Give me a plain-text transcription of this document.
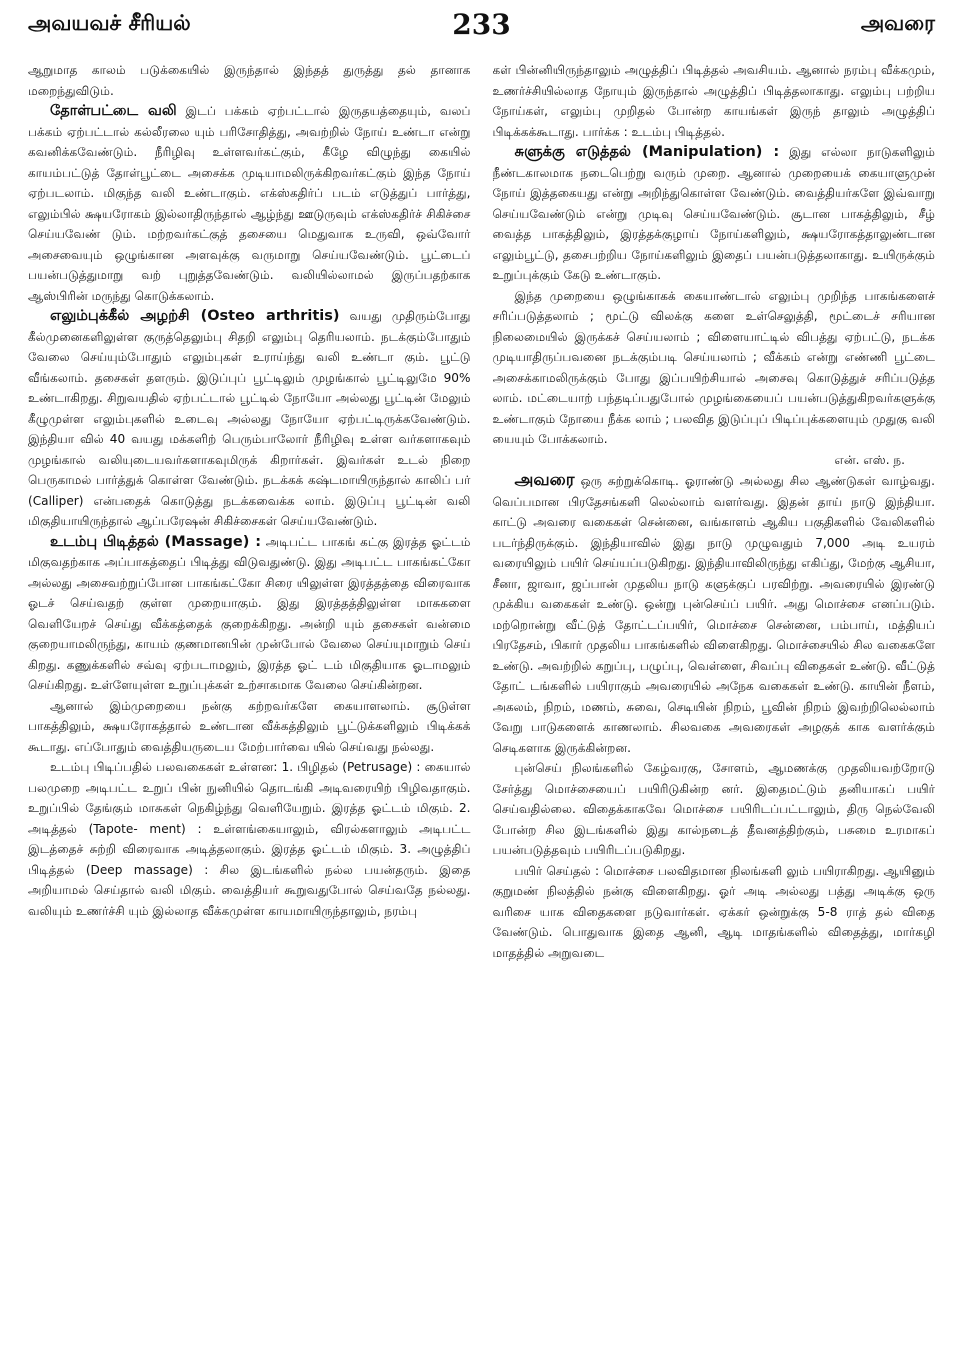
அவயவச் சீரியல்	233	அவரை

ஆறுமாத காலம் படுக்கையில் இருந்தால் இந்தத் துருத்து தல் தானாக மறைந்துவிடும்.

தோள்பட்டை வலி இடப் பக்கம் ஏற்பட்டால் இருதயத்தையும், வலப் பக்கம் ஏற்பட்டால் கல்லீரலை யும் பரிசோதித்து, அவற்றில் நோய் உண்டா என்று கவனிக்கவேண்டும். நீரிழிவு உள்ளவர்கட்கும், கீழே விழுந்து கையில் காயம்பட்டுத் தோள்பூட்டை அசைக்க முடியாமலிருக்கிறவர்கட்கும் இந்த நோய் ஏற்படலாம். மிகுந்த வலி உண்டாகும். எக்ஸ்கதிர்ப் படம் எடுத்துப் பார்த்து, எலும்பில் க்ஷயரோகம் இல்லாதிருந்தால் ஆழ்ந்து ஊடுருவும் எக்ஸ்கதிர்ச் சிகிச்சை செய்யவேண் டும். மற்றவர்கட்குத் தசையை மெதுவாக உருவி, ஒவ்வோர் அசைவையும் ஒழுங்கான அளவுக்கு வருமாறு செய்யவேண்டும். பூட்டைப் பயன்படுத்துமாறு வற் புறுத்தவேண்டும். வலியில்லாமல் இருப்பதற்காக ஆஸ்பிரின் மருந்து கொடுக்கலாம்.

எலும்புக்கீல் அழற்சி (Osteo arthritis) வயது முதிரும்போது கீல்முனைகளிலுள்ள குருத்தெலும்பு சிதறி எலும்பு தெரியலாம். நடக்கும்போதும் வேலை செய்யும்போதும் எலும்புகள் உராய்ந்து வலி உண்டா கும். பூட்டு வீங்கலாம். தசைகள் தளரும். இடுப்புப் பூட்டிலும் முழங்கால் பூட்டிலுமே 90% உண்டாகிறது. சிறுவயதில் ஏற்பட்டால் பூட்டில் நோயோ அல்லது பூட்டின் மேலும் கீழுமுள்ள எலும்புகளில் உடைவு அல்லது நோயோ ஏற்பட்டிருக்கவேண்டும். இந்தியா வில் 40 வயது மக்களிற் பெரும்பாலோர் நீரிழிவு உள்ள வர்களாகவும் முழங்கால் வலியுடையவர்களாகவுமிருக் கிறார்கள். இவர்கள் உடல் நிறை பெருகாமல் பார்த்துக் கொள்ள வேண்டும். நடக்கக் கஷ்டமாயிருந்தால் காலிப் பர் (Calliper) என்பதைக் கொடுத்து நடக்கவைக்க லாம். இடுப்பு பூட்டின் வலி மிகுதியாயிருந்தால் ஆப்பரேஷன் சிகிச்சைகள் செய்யவேண்டும்.

உடம்பு பிடித்தல் (Massage) : அடிபட்ட பாகங் கட்கு இரத்த ஓட்டம் மிகுவதற்காக அப்பாகத்தைப் பிடித்து விடுவதுண்டு. இது அடிபட்ட பாகங்கட்கோ அல்லது அசைவற்றுப்போன பாகங்கட்கோ சிரை யிலுள்ள இரத்தத்தை விரைவாக ஓடச் செய்வதற் குள்ள முறையாகும். இது இரத்தத்திலுள்ள மாசுகளை வெளியேறச் செய்து வீக்கத்தைக் குறைக்கிறது. அன்றி யும் தசைகள் வன்மை குறையாமலிருந்து, காயம் குணமானபின் முன்போல் வேலை செய்யுமாறும் செய் கிறது. கணுக்களில் சவ்வு ஏற்படாமலும், இரத்த ஓட் டம் மிகுதியாக ஓடாமலும் செய்கிறது. உள்ளேயுள்ள உறுப்புக்கள் உற்சாகமாக வேலை செய்கின்றன.

ஆனால் இம்முறையை நன்கு கற்றவர்களே கையாளலாம். சூடுள்ள பாகத்திலும், க்ஷயரோகத்தால் உண்டான வீக்கத்திலும் பூட்டுக்களிலும் பிடிக்கக் கூடாது. எப்போதும் வைத்தியருடைய மேற்பார்வை யில் செய்வது நல்லது.

உடம்பு பிடிப்பதில் பலவகைகள் உள்ளன: 1. பிழிதல் (Petrusage) : கையால் பலமுறை அடிபட்ட உறுப் பின் நுனியில் தொடங்கி அடிவரையிற் பிழிவதாகும். உறுப்பில் தேங்கும் மாசுகள் நெகிழ்ந்து வெளியேறும். இரத்த ஓட்டம் மிகும். 2. அடித்தல் (Tapote- ment) : உள்ளங்கையாலும், விரல்களாலும் அடிபட்ட இடத்தைச் சுற்றி விரைவாக அடித்தலாகும். இரத்த ஓட்டம் மிகும். 3. அழுத்திப் பிடித்தல் (Deep massage) : சில இடங்களில் நல்ல பயன்தரும். இதை அறியாமல் செய்தால் வலி மிகும். வைத்தியர் கூறுவதுபோல் செய்வதே நல்லது. வலியும் உணர்ச்சி யும் இல்லாத வீக்கமுள்ள காயமாயிருந்தாலும், நரம்பு

கள் பின்னியிருந்தாலும் அழுத்திப் பிடித்தல் அவசியம். ஆனால் நரம்பு வீக்கமும், உணர்ச்சியில்லாத நோயும் இருந்தால் அழுத்திப் பிடித்தலாகாது. எலும்பு பற்றிய நோய்கள், எலும்பு முறிதல் போன்ற காயங்கள் இருந் தாலும் அழுத்திப் பிடிக்கக்கூடாது. பார்க்க : உடம்பு பிடித்தல்.

சுளுக்கு எடுத்தல் (Manipulation) : இது எல்லா நாடுகளிலும் நீண்டகாலமாக நடைபெற்று வரும் முறை. ஆனால் முறையைக் கையாளுமுன் நோய் இத்தகையது என்று அறிந்துகொள்ள வேண்டும். வைத்தியர்களே இவ்வாறு செய்யவேண்டும் என்று முடிவு செய்யவேண்டும். சூடான பாகத்திலும், சீழ் வைத்த பாகத்திலும், இரத்தக்குழாய் நோய்களிலும், க்ஷயரோகத்தாலுண்டான எலும்பூட்டு, தசைபற்றிய நோய்களிலும் இதைப் பயன்படுத்தலாகாது. உயிருக்கும் உறுப்புக்கும் கேடு உண்டாகும்.

இந்த முறையை ஒழுங்காகக் கையாண்டால் எலும்பு முறிந்த பாகங்களைச் சரிப்படுத்தலாம் ; மூட்டு விலக்கு களை உள்செலுத்தி, மூட்டைச் சரியான நிலைமையில் இருக்கச் செய்யலாம் ; விளையாட்டில் விபத்து ஏற்பட்டு, நடக்க முடியாதிருப்பவனை நடக்கும்படி செய்யலாம் ; வீக்கம் என்று எண்ணி பூட்டை அசைக்காமலிருக்கும் போது இப்பயிற்சியால் அசைவு கொடுத்துச் சரிப்படுத்த லாம். மட்டையாற் பந்தடிப்பதுபோல் முழங்கையைப் பயன்படுத்துகிறவர்களுக்கு உண்டாகும் நோயை நீக்க லாம் ; பலவித இடுப்புப் பிடிப்புக்களையும் முதுகு வலி யையும் போக்கலாம்.

என். எஸ். ந.

அவரை ஒரு சுற்றுக்கொடி. ஓராண்டு அல்லது சில ஆண்டுகள் வாழ்வது. வெப்பமான பிரதேசங்களி லெல்லாம் வளர்வது. இதன் தாய் நாடு இந்தியா. காட்டு அவரை வகைகள் சென்னை, வங்காளம் ஆகிய பகுதிகளில் வேலிகளில் படர்ந்திருக்கும். இந்தியாவில் இது நாடு முழுவதும் 7,000 அடி உயரம் வரையிலும் பயிர் செய்யப்படுகிறது. இந்தியாவிலிருந்து எகிப்து, மேற்கு ஆசியா, சீனா, ஜாவா, ஜப்பான் முதலிய நாடு களுக்குப் பரவிற்று. அவரையில் இரண்டு முக்கிய வகைகள் உண்டு. ஒன்று புன்செய்ப் பயிர். அது மொச்சை எனப்படும். மற்றொன்று வீட்டுத் தோட்டப்பயிர், மொச்சை சென்னை, பம்பாய், மத்தியப் பிரதேசம், பிகார் முதலிய பாகங்களில் விளைகிறது. மொச்சையில் சில வகைகளே உண்டு. அவற்றில் கறுப்பு, பழுப்பு, வெள்ளை, சிவப்பு விதைகள் உண்டு. வீட்டுத் தோட் டங்களில் பயிராகும் அவரையில் அநேக வகைகள் உண்டு. காயின் நீளம், அகலம், நிறம், மணம், சுவை, செடியின் நிறம், பூவின் நிறம் இவற்றிலெல்லாம் வேறு பாடுகளைக் காணலாம். சிலவகை அவரைகள் அழகுக் காக வளர்க்கும் செடிகளாக இருக்கின்றன.

புன்செய் நிலங்களில் கேழ்வரகு, சோளம், ஆமணக்கு முதலியவற்றோடு சேர்த்து மொச்சையைப் பயிரிடுகின்ற னர். இதைமட்டும் தனியாகப் பயிர் செய்வதில்லை. விதைக்காகவே மொச்சை பயிரிடப்பட்டாலும், திரு நெல்வேலி போன்ற சில இடங்களில் இது கால்நடைத் தீவனத்திற்கும், பசுமை உரமாகப் பயன்படுத்தவும் பயிரிடப்படுகிறது.

பயிர் செய்தல் : மொச்சை பலவிதமான நிலங்களி லும் பயிராகிறது. ஆயினும் குறுமண் நிலத்தில் நன்கு விளைகிறது. ஓர் அடி அல்லது பத்து அடிக்கு ஒரு வரிசை யாக விதைகளை நடுவார்கள். ஏக்கர் ஒன்றுக்கு 5-8 ராத் தல் விதை வேண்டும். பொதுவாக இதை ஆனி, ஆடி மாதங்களில் விதைத்து, மார்கழி மாதத்தில் அறுவடை
